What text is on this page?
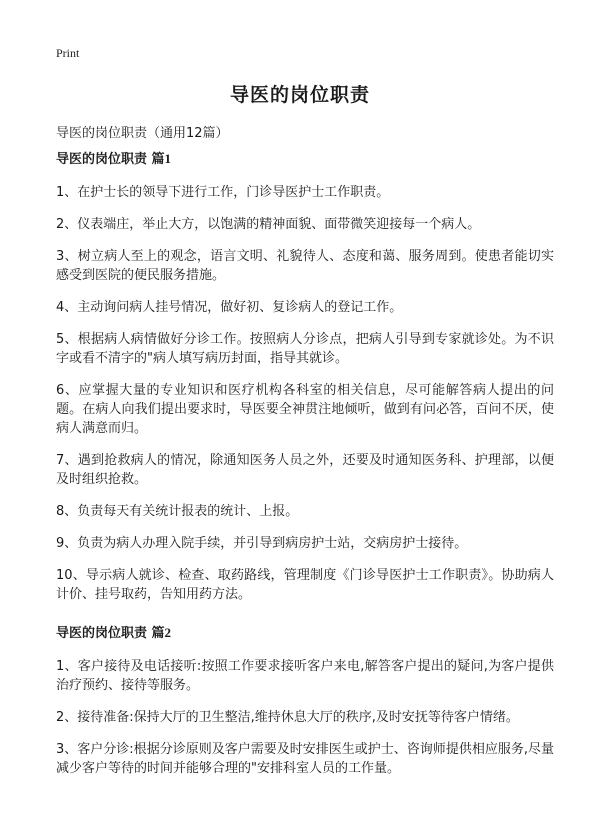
Print
导医的岗位职责
导医的岗位职责（通用12篇）
导医的岗位职责 篇1

1、在护士长的领导下进行工作，门诊导医护士工作职责。

2、仪表端庄，举止大方，以饱满的精神面貌、面带微笑迎接每一个病人。

3、树立病人至上的观念，语言文明、礼貌待人、态度和蔼、服务周到。使患者能切实感受到医院的便民服务措施。

4、主动询问病人挂号情况，做好初、复诊病人的登记工作。

5、根据病人病情做好分诊工作。按照病人分诊点，把病人引导到专家就诊处。为不识字或看不清字的"病人填写病历封面，指导其就诊。

6、应掌握大量的专业知识和医疗机构各科室的相关信息，尽可能解答病人提出的问题。在病人向我们提出要求时，导医要全神贯注地倾听，做到有问必答，百问不厌，使病人满意而归。

7、遇到抢救病人的情况，除通知医务人员之外，还要及时通知医务科、护理部，以便及时组织抢救。

8、负责每天有关统计报表的统计、上报。

9、负责为病人办理入院手续，并引导到病房护士站，交病房护士接待。

10、导示病人就诊、检查、取药路线，管理制度《门诊导医护士工作职责》。协助病人计价、挂号取药，告知用药方法。

导医的岗位职责 篇2

1、客户接待及电话接听:按照工作要求接听客户来电,解答客户提出的疑问,为客户提供治疗预约、接待等服务。

2、接待准备:保持大厅的卫生整洁,维持休息大厅的秩序,及时安抚等待客户情绪。

3、客户分诊:根据分诊原则及客户需要及时安排医生或护士、咨询师提供相应服务,尽量减少客户等待的时间并能够合理的"安排科室人员的工作量。
